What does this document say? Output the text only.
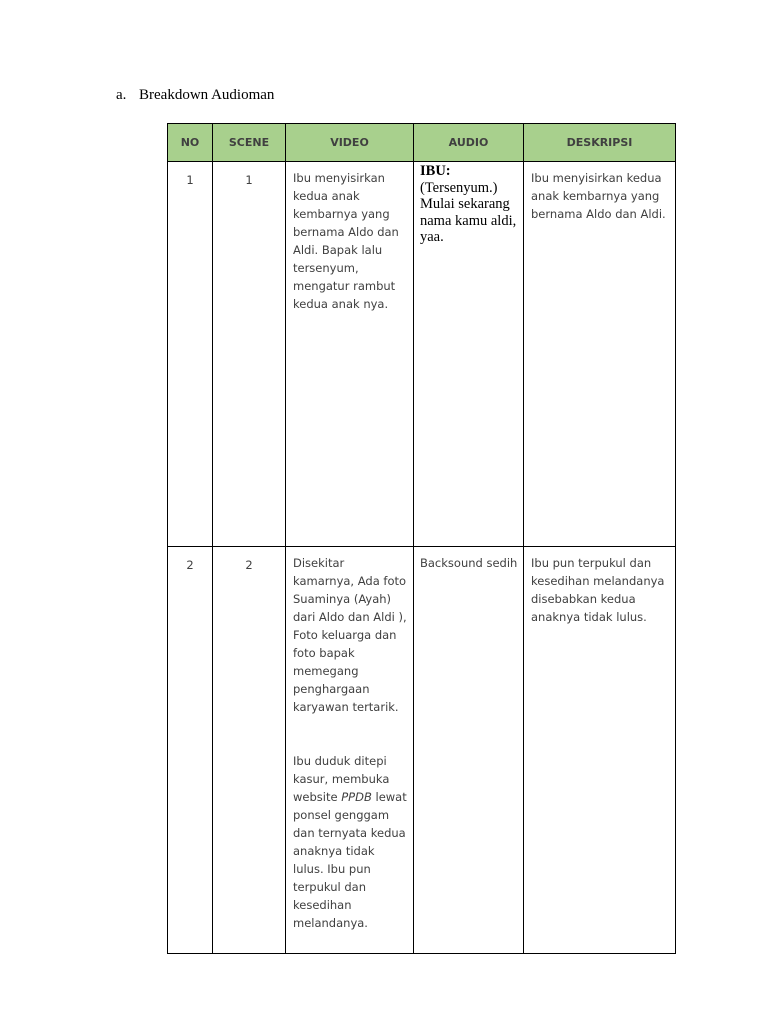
a. Breakdown Audioman
NO	SCENE	VIDEO	AUDIO	DESKRIPSI
1	1	Ibu menyisirkan kedua anak kembarnya yang bernama Aldo dan Aldi. Bapak lalu tersenyum, mengatur rambut kedua anak nya.	IBU:
(Tersenyum.) Mulai sekarang nama kamu aldi, yaa.	Ibu menyisirkan kedua anak kembarnya yang bernama Aldo dan Aldi.

2	2	Disekitar kamarnya, Ada foto Suaminya (Ayah) dari Aldo dan Aldi ), Foto keluarga dan foto bapak memegang penghargaan karyawan tertarik.
Ibu duduk ditepi kasur, membuka website PPDB lewat ponsel genggam dan ternyata kedua anaknya tidak lulus. Ibu pun terpukul dan kesedihan melandanya.	Backsound sedih	Ibu pun terpukul dan kesedihan melandanya disebabkan kedua anaknya tidak lulus.
